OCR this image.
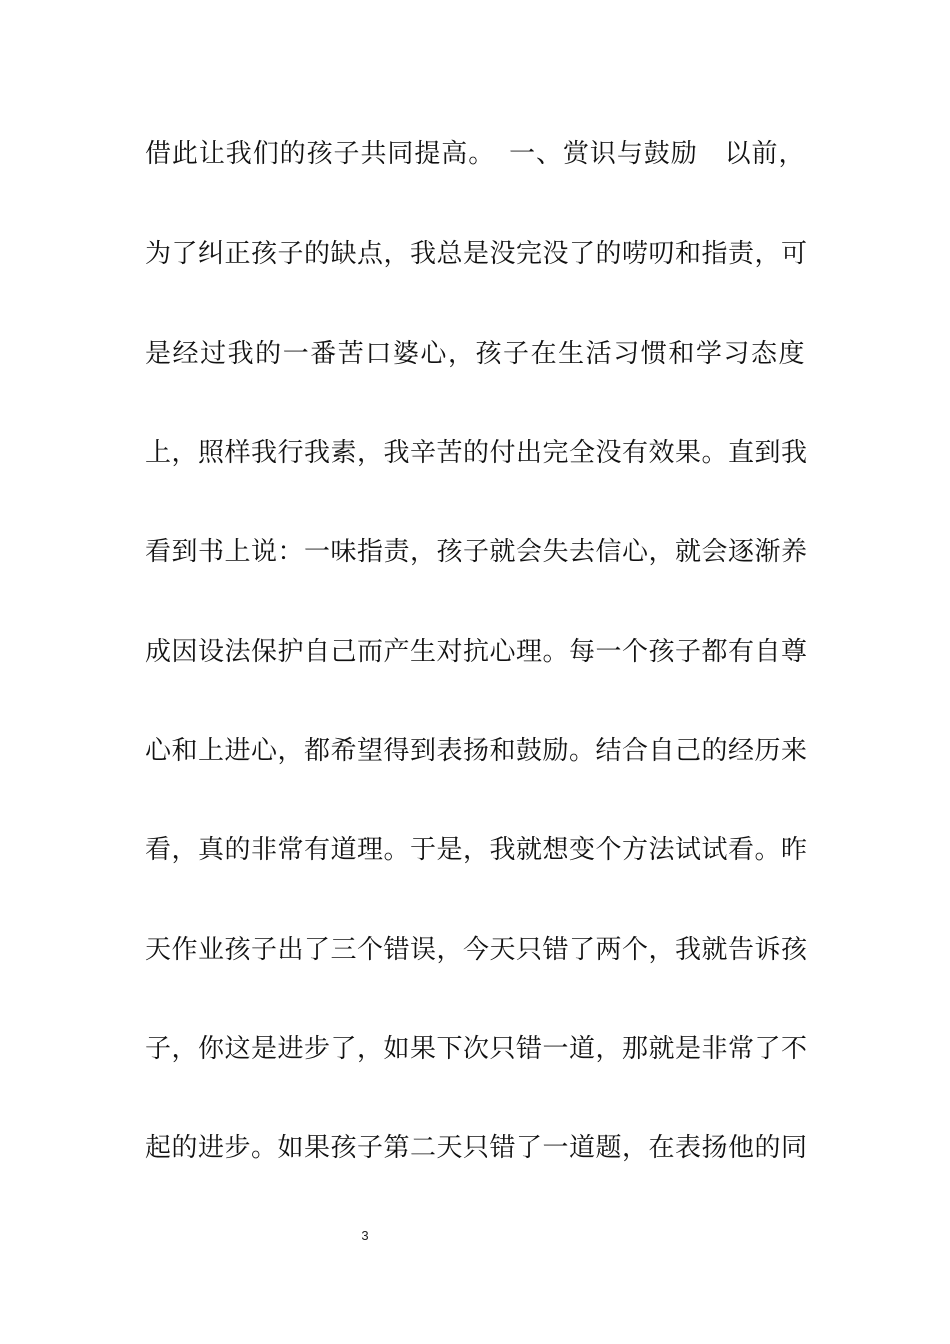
借此让我们的孩子共同提高。　一、赏识与鼓励　以前，
为了纠正孩子的缺点，我总是没完没了的唠叨和指责，可
是经过我的一番苦口婆心，孩子在生活习惯和学习态度
上，照样我行我素，我辛苦的付出完全没有效果。直到我
看到书上说：一味指责，孩子就会失去信心，就会逐渐养
成因设法保护自己而产生对抗心理。每一个孩子都有自尊
心和上进心，都希望得到表扬和鼓励。结合自己的经历来
看，真的非常有道理。于是，我就想变个方法试试看。昨
天作业孩子出了三个错误，今天只错了两个，我就告诉孩
子，你这是进步了，如果下次只错一道，那就是非常了不
起的进步。如果孩子第二天只错了一道题，在表扬他的同
3
